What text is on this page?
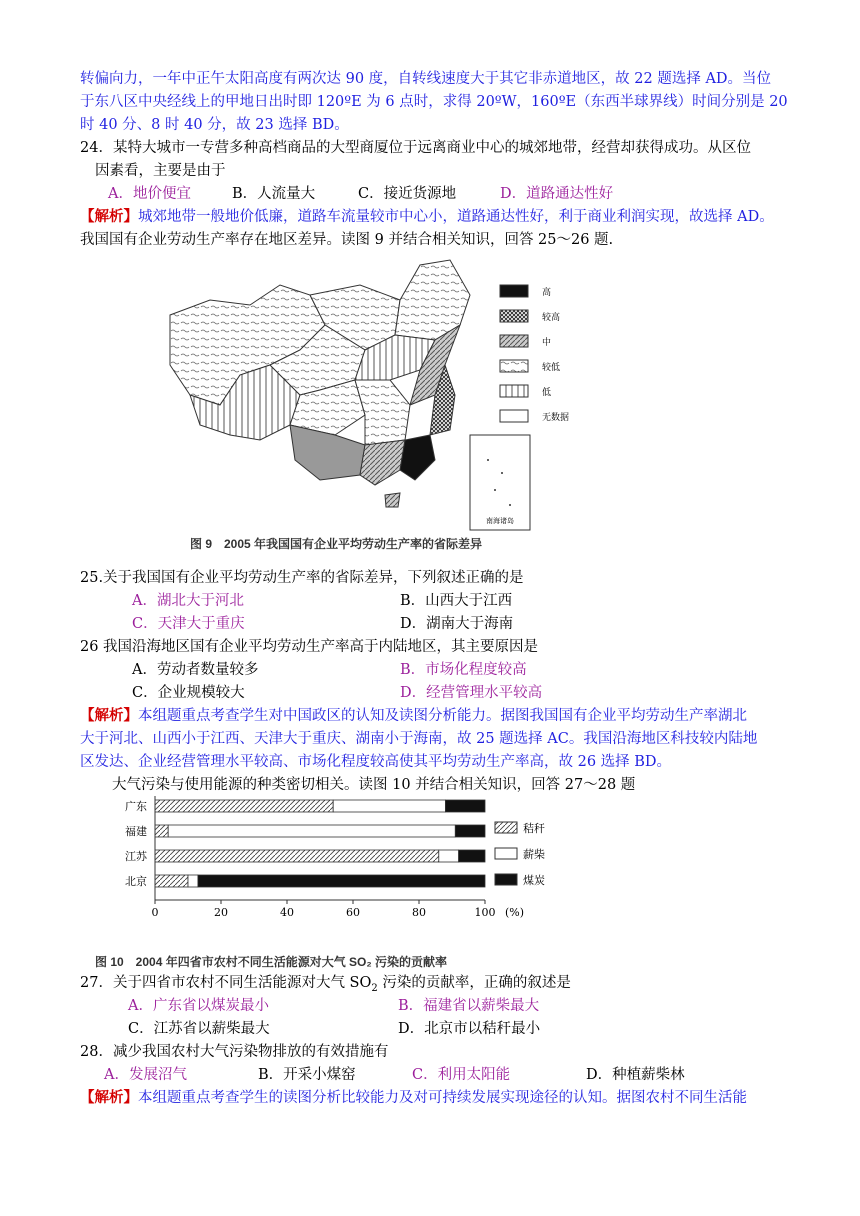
转偏向力，一年中正午太阳高度有两次达 90 度，自转线速度大于其它非赤道地区，故 22 题选择 AD。当位
于东八区中央经线上的甲地日出时即 120ºE 为 6 点时，求得 20ºW，160ºE（东西半球界线）时间分别是 20
时 40 分、8 时 40 分，故 23 选择 BD。
24．某特大城市一专营多种高档商品的大型商厦位于远离商业中心的城郊地带，经营却获得成功。从区位
因素看，主要是由于
A．地价便宜	B．人流量大	C．接近货源地	D．道路通达性好
【解析】城郊地带一般地价低廉，道路车流量较市中心小，道路通达性好，利于商业利润实现，故选择 AD。
我国国有企业劳动生产率存在地区差异。读图 9 并结合相关知识，回答 25～26 题.
南海诸岛
高
较高
中
较低
低
无数据
图 9　2005 年我国国有企业平均劳动生产率的省际差异
25.关于我国国有企业平均劳动生产率的省际差异，下列叙述正确的是
A．湖北大于河北	B．山西大于江西
C．天津大于重庆	D．湖南大于海南
26 我国沿海地区国有企业平均劳动生产率高于内陆地区，其主要原因是
A．劳动者数量较多	B．市场化程度较高
C．企业规模较大	D．经营管理水平较高
【解析】本组题重点考查学生对中国政区的认知及读图分析能力。据图我国国有企业平均劳动生产率湖北
大于河北、山西小于江西、天津大于重庆、湖南小于海南，故 25 题选择 AC。我国沿海地区科技较内陆地
区发达、企业经营管理水平较高、市场化程度较高使其平均劳动生产率高，故 26 选择 BD。
大气污染与使用能源的种类密切相关。读图 10 并结合相关知识，回答 27～28 题
广东
福建
江苏
北京
0	20	40	60	80	100 (%)
秸秆
薪柴
煤炭
图 10　2004 年四省市农村不同生活能源对大气 SO₂ 污染的贡献率
27．关于四省市农村不同生活能源对大气 $SO_2$ 污染的贡献率，正确的叙述是
A．广东省以煤炭最小	B．福建省以薪柴最大
C．江苏省以薪柴最大	D．北京市以秸秆最小
28．减少我国农村大气污染物排放的有效措施有
A．发展沼气	B．开采小煤窑	C．利用太阳能	D．种植薪柴林
【解析】本组题重点考查学生的读图分析比较能力及对可持续发展实现途径的认知。据图农村不同生活能
